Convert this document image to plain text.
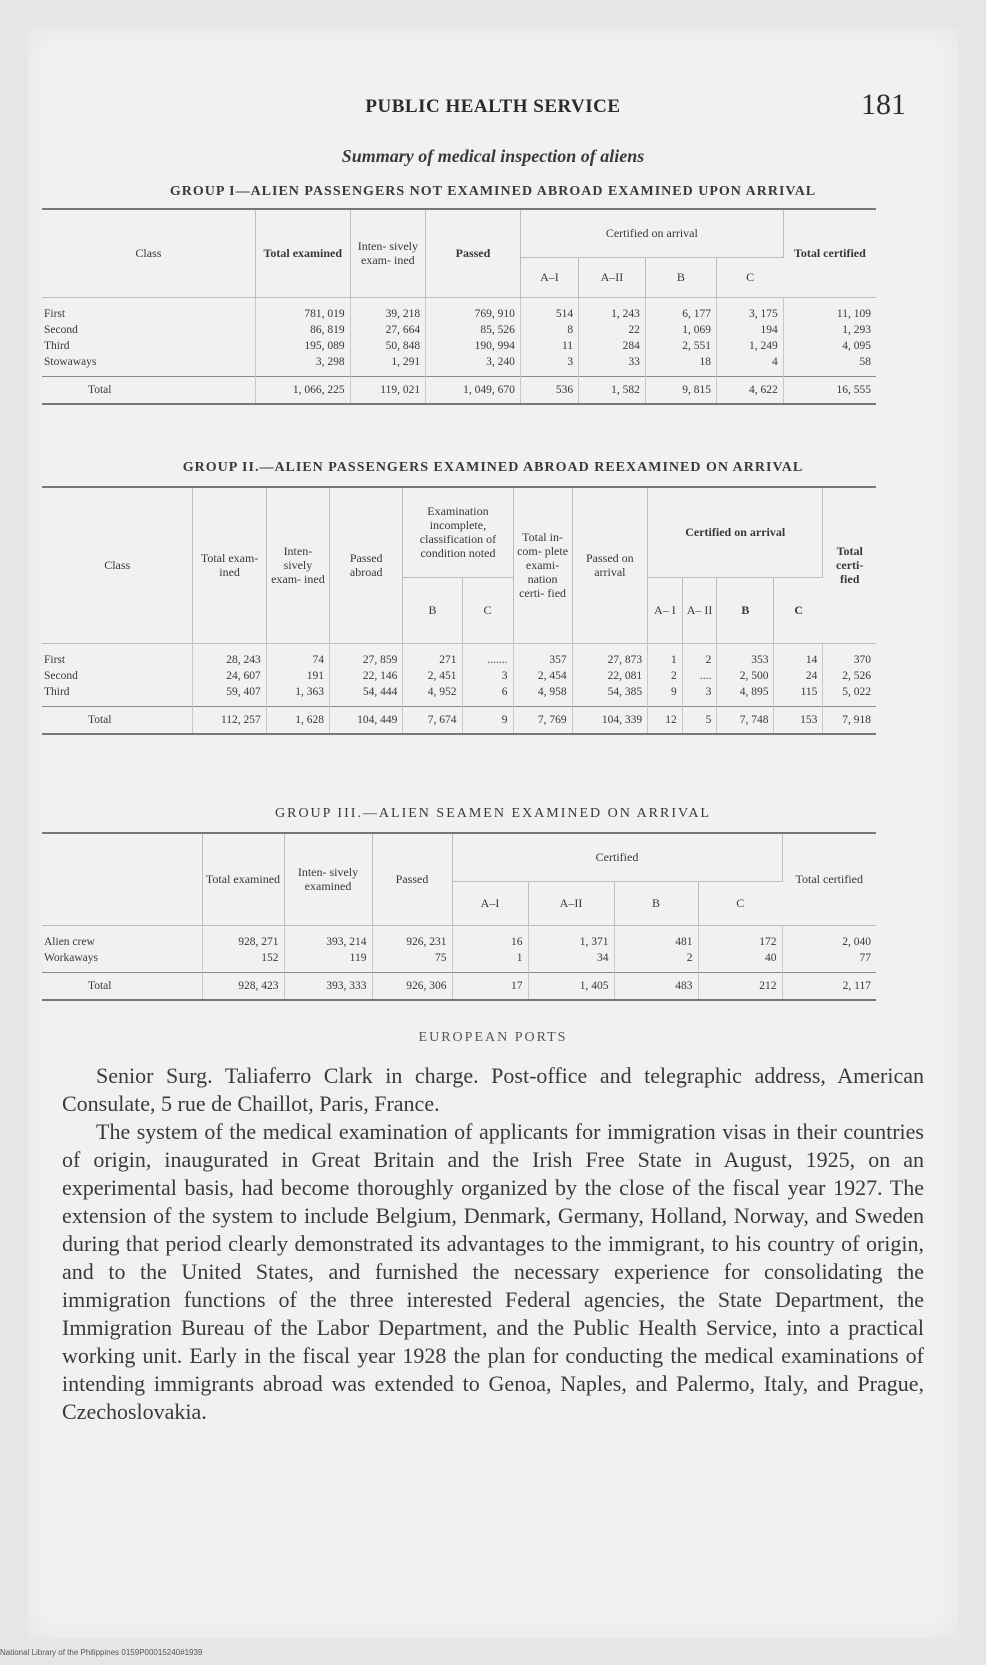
PUBLIC HEALTH SERVICE	181
Summary of medical inspection of aliens
GROUP I—ALIEN PASSENGERS NOT EXAMINED ABROAD EXAMINED UPON ARRIVAL
Class	Total examined	Inten- sively exam- ined	Passed	Certified on arrival				Total certified
				A–I	A–II	B	C	
First	781, 019	39, 218	769, 910	514	1, 243	6, 177	3, 175	11, 109
Second	86, 819	27, 664	85, 526	8	22	1, 069	194	1, 293
Third	195, 089	50, 848	190, 994	11	284	2, 551	1, 249	4, 095
Stowaways	3, 298	1, 291	3, 240	3	33	18	4	58
Total	1, 066, 225	119, 021	1, 049, 670	536	1, 582	9, 815	4, 622	16, 555
GROUP II.—ALIEN PASSENGERS EXAMINED ABROAD REEXAMINED ON ARRIVAL
Class	Total exam- ined	Inten- sively exam- ined	Passed abroad	Examination incomplete, classification of condition noted		Total in- com- plete exami- nation certi- fied	Passed on arrival	Certified on arrival				Total certi- fied
				B	C			A– I	A– II	B	C	
First	28, 243	74	27, 859	271	.......	357	27, 873	1	2	353	14	370
Second	24, 607	191	22, 146	2, 451	3	2, 454	22, 081	2	....	2, 500	24	2, 526
Third	59, 407	1, 363	54, 444	4, 952	6	4, 958	54, 385	9	3	4, 895	115	5, 022
Total	112, 257	1, 628	104, 449	7, 674	9	7, 769	104, 339	12	5	7, 748	153	7, 918
GROUP III.—ALIEN SEAMEN EXAMINED ON ARRIVAL
	Total examined	Inten- sively examined	Passed	Certified				Total certified
				A–I	A–II	B	C	
Alien crew	928, 271	393, 214	926, 231	16	1, 371	481	172	2, 040
Workaways	152	119	75	1	34	2	40	77
Total	928, 423	393, 333	926, 306	17	1, 405	483	212	2, 117
EUROPEAN PORTS

Senior Surg. Taliaferro Clark in charge. Post-office and telegraphic address, American Consulate, 5 rue de Chaillot, Paris, France.

The system of the medical examination of applicants for immigration visas in their countries of origin, inaugurated in Great Britain and the Irish Free State in August, 1925, on an experimental basis, had become thoroughly organized by the close of the fiscal year 1927. The extension of the system to include Belgium, Denmark, Germany, Holland, Norway, and Sweden during that period clearly demonstrated its advantages to the immigrant, to his country of origin, and to the United States, and furnished the necessary experience for consolidating the immigration functions of the three interested Federal agencies, the State Department, the Immigration Bureau of the Labor Department, and the Public Health Service, into a practical working unit. Early in the fiscal year 1928 the plan for conducting the medical examinations of intending immigrants abroad was extended to Genoa, Naples, and Palermo, Italy, and Prague, Czechoslovakia.

National Library of the Philippines 0159P00015240#1939
